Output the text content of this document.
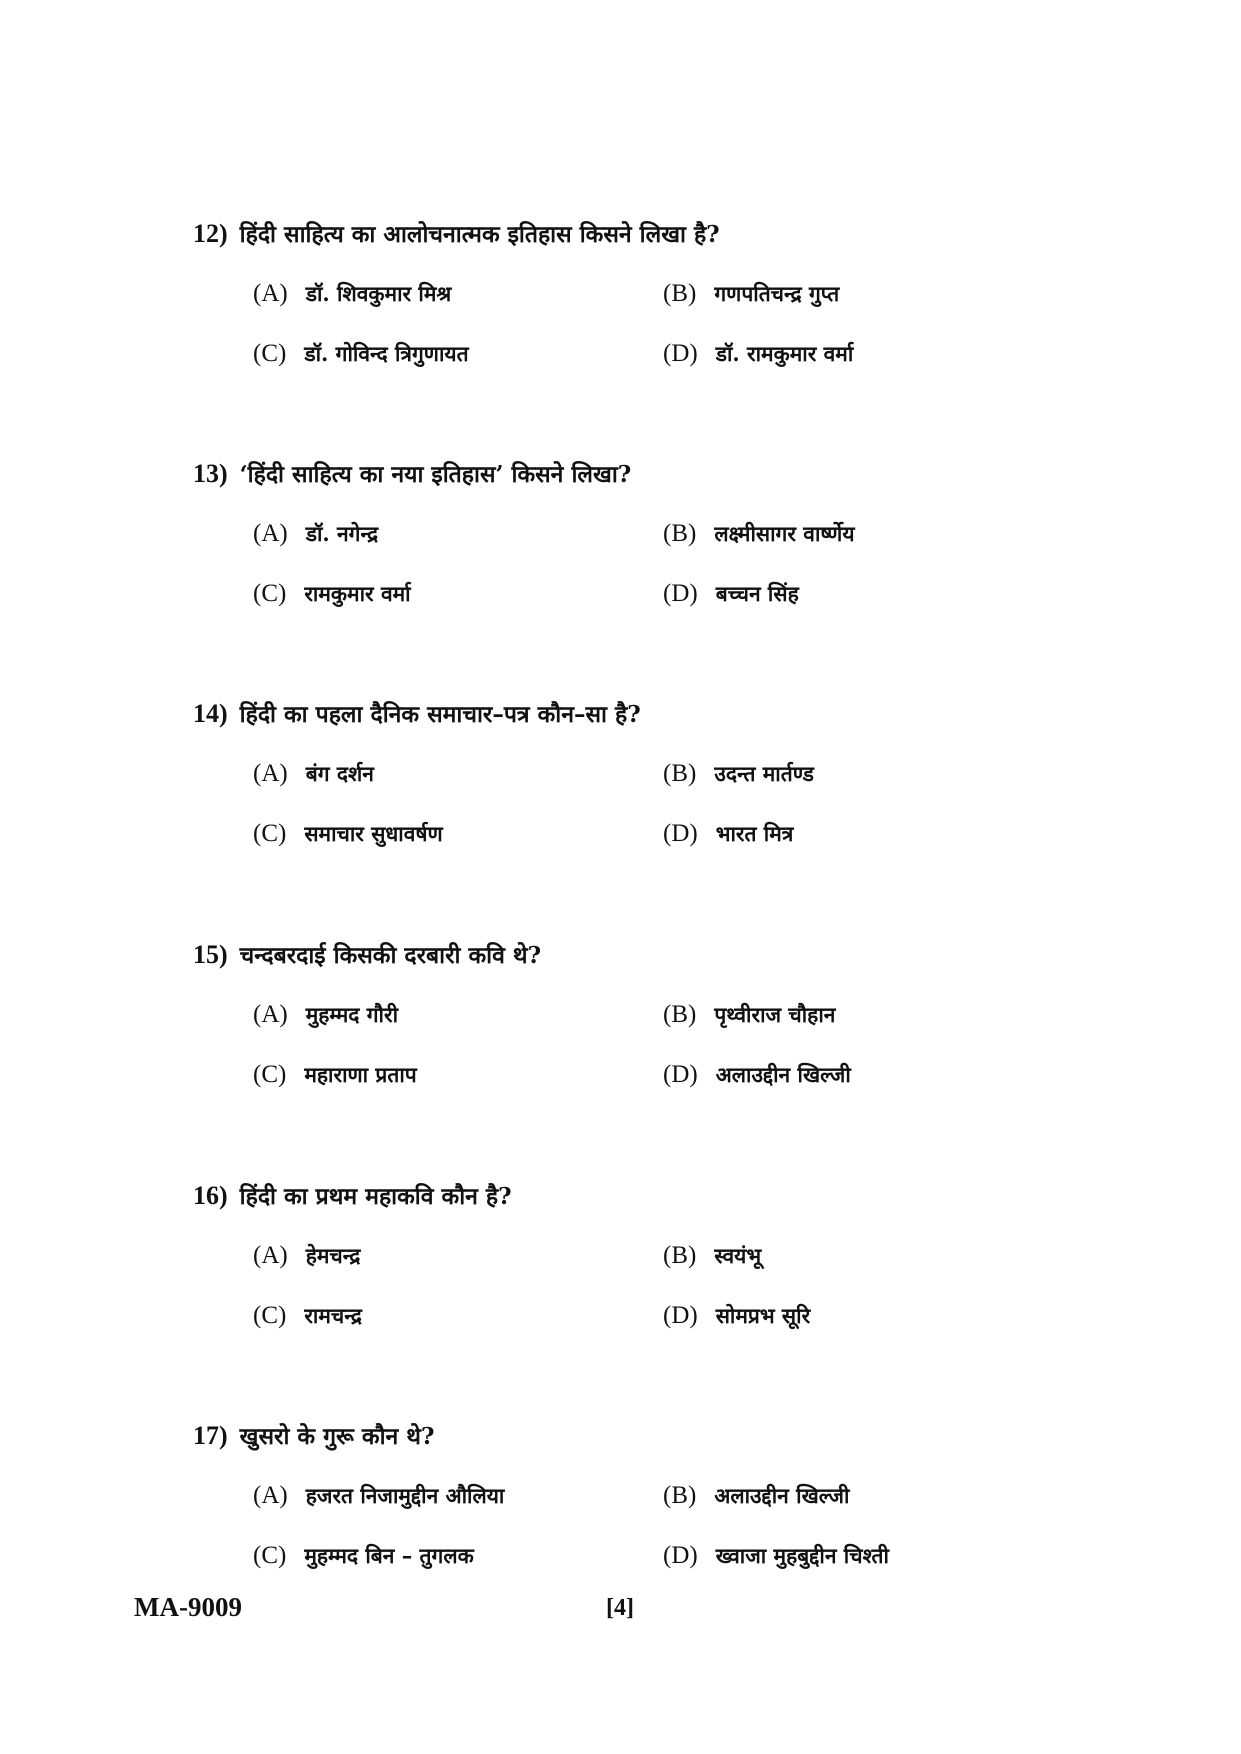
12) हिंदी साहित्य का आलोचनात्मक इतिहास किसने लिखा है?
(A) डॉ. शिवकुमार मिश्र	(B) गणपतिचन्द्र गुप्त
(C) डॉ. गोविन्द त्रिगुणायत	(D) डॉ. रामकुमार वर्मा
13) ‘हिंदी साहित्य का नया इतिहास’ किसने लिखा?
(A) डॉ. नगेन्द्र	(B) लक्ष्मीसागर वार्ष्णेय
(C) रामकुमार वर्मा	(D) बच्चन सिंह
14) हिंदी का पहला दैनिक समाचार–पत्र कौन–सा है?
(A) बंग दर्शन	(B) उदन्त मार्तण्ड
(C) समाचार सुधावर्षण	(D) भारत मित्र
15) चन्दबरदाई किसकी दरबारी कवि थे?
(A) मुहम्मद गौरी	(B) पृथ्वीराज चौहान
(C) महाराणा प्रताप	(D) अलाउद्दीन खिल्जी
16) हिंदी का प्रथम महाकवि कौन है?
(A) हेमचन्द्र	(B) स्वयंभू
(C) रामचन्द्र	(D) सोमप्रभ सूरि
17) खुसरो के गुरू कौन थे?
(A) हजरत निजामुद्दीन औलिया	(B) अलाउद्दीन खिल्जी
(C) मुहम्मद बिन – तुगलक	(D) ख्वाजा मुहबुद्दीन चिश्ती
MA-9009	[4]
